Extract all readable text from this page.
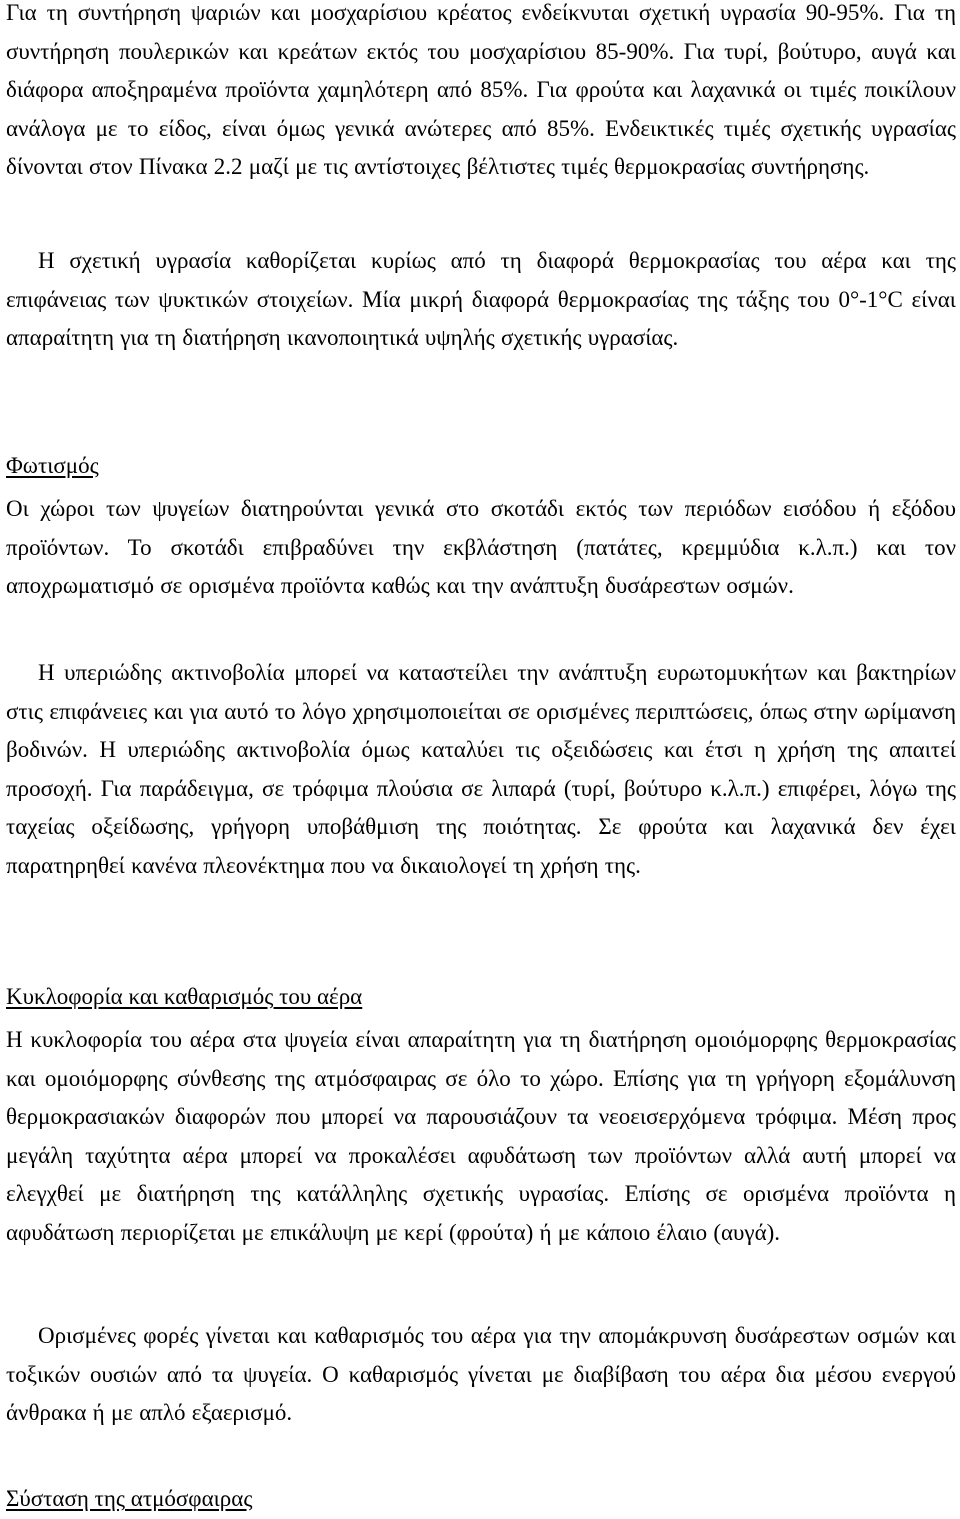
Για τη συντήρηση ψαριών και μοσχαρίσιου κρέατος ενδείκνυται σχετική υγρασία 90-95%. Για τη συντήρηση πουλερικών και κρεάτων εκτός του μοσχαρίσιου 85-90%. Για τυρί, βούτυρο, αυγά και διάφορα αποξηραμένα προϊόντα χαμηλότερη από 85%. Για φρούτα και λαχανικά οι τιμές ποικίλουν ανάλογα με το είδος, είναι όμως γενικά ανώτερες από 85%. Ενδεικτικές τιμές σχετικής υγρασίας δίνονται στον Πίνακα 2.2 μαζί με τις αντίστοιχες βέλτιστες τιμές θερμοκρασίας συντήρησης.

Η σχετική υγρασία καθορίζεται κυρίως από τη διαφορά θερμοκρασίας του αέρα και της επιφάνειας των ψυκτικών στοιχείων. Μία μικρή διαφορά θερμοκρασίας της τάξης του 0°-1°C είναι απαραίτητη για τη διατήρηση ικανοποιητικά υψηλής σχετικής υγρασίας.

Φωτισμός

Οι χώροι των ψυγείων διατηρούνται γενικά στο σκοτάδι εκτός των περιόδων εισόδου ή εξόδου προϊόντων. Το σκοτάδι επιβραδύνει την εκβλάστηση (πατάτες, κρεμμύδια κ.λ.π.) και τον αποχρωματισμό σε ορισμένα προϊόντα καθώς και την ανάπτυξη δυσάρεστων οσμών.

Η υπεριώδης ακτινοβολία μπορεί να καταστείλει την ανάπτυξη ευρωτομυκήτων και βακτηρίων στις επιφάνειες και για αυτό το λόγο χρησιμοποιείται σε ορισμένες περιπτώσεις, όπως στην ωρίμανση βοδινών. Η υπεριώδης ακτινοβολία όμως καταλύει τις οξειδώσεις και έτσι η χρήση της απαιτεί προσοχή. Για παράδειγμα, σε τρόφιμα πλούσια σε λιπαρά (τυρί, βούτυρο κ.λ.π.) επιφέρει, λόγω της ταχείας οξείδωσης, γρήγορη υποβάθμιση της ποιότητας. Σε φρούτα και λαχανικά δεν έχει παρατηρηθεί κανένα πλεονέκτημα που να δικαιολογεί τη χρήση της.

Κυκλοφορία και καθαρισμός του αέρα

Η κυκλοφορία του αέρα στα ψυγεία είναι απαραίτητη για τη διατήρηση ομοιόμορφης θερμοκρασίας και ομοιόμορφης σύνθεσης της ατμόσφαιρας σε όλο το χώρο. Επίσης για τη γρήγορη εξομάλυνση θερμοκρασιακών διαφορών που μπορεί να παρουσιάζουν τα νεοεισερχόμενα τρόφιμα. Μέση προς μεγάλη ταχύτητα αέρα μπορεί να προκαλέσει αφυδάτωση των προϊόντων αλλά αυτή μπορεί να ελεγχθεί με διατήρηση της κατάλληλης σχετικής υγρασίας. Επίσης σε ορισμένα προϊόντα η αφυδάτωση περιορίζεται με επικάλυψη με κερί (φρούτα) ή με κάποιο έλαιο (αυγά).

Ορισμένες φορές γίνεται και καθαρισμός του αέρα για την απομάκρυνση δυσάρεστων οσμών και τοξικών ουσιών από τα ψυγεία. Ο καθαρισμός γίνεται με διαβίβαση του αέρα δια μέσου ενεργού άνθρακα ή με απλό εξαερισμό.

Σύσταση της ατμόσφαιρας
